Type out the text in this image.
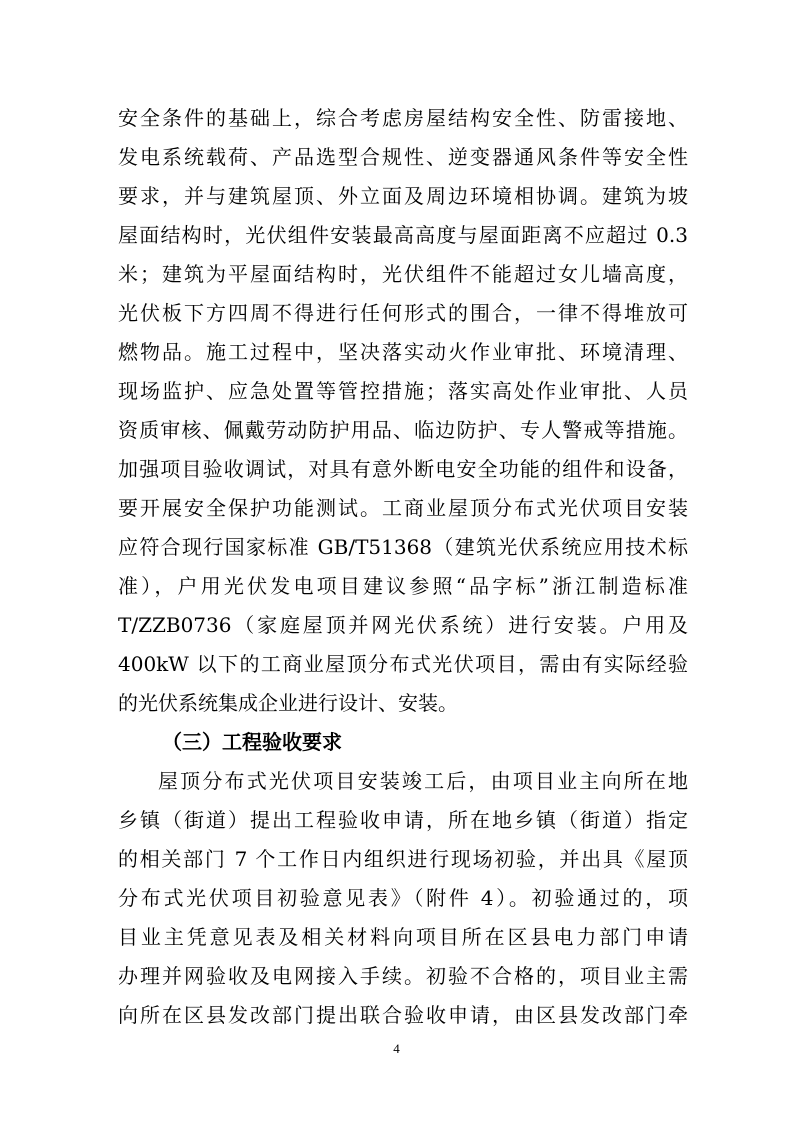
安全条件的基础上，综合考虑房屋结构安全性、防雷接地、
发电系统载荷、产品选型合规性、逆变器通风条件等安全性
要求，并与建筑屋顶、外立面及周边环境相协调。建筑为坡
屋面结构时，光伏组件安装最高高度与屋面距离不应超过 0.3
米；建筑为平屋面结构时，光伏组件不能超过女儿墙高度，
光伏板下方四周不得进行任何形式的围合，一律不得堆放可
燃物品。施工过程中，坚决落实动火作业审批、环境清理、
现场监护、应急处置等管控措施；落实高处作业审批、人员
资质审核、佩戴劳动防护用品、临边防护、专人警戒等措施。
加强项目验收调试，对具有意外断电安全功能的组件和设备，
要开展安全保护功能测试。工商业屋顶分布式光伏项目安装
应符合现行国家标准 GB/T51368（建筑光伏系统应用技术标
准），户用光伏发电项目建议参照“品字标”浙江制造标准
T/ZZB0736（家庭屋顶并网光伏系统）进行安装。户用及
400kW 以下的工商业屋顶分布式光伏项目，需由有实际经验
的光伏系统集成企业进行设计、安装。
（三）工程验收要求
屋顶分布式光伏项目安装竣工后，由项目业主向所在地
乡镇（街道）提出工程验收申请，所在地乡镇（街道）指定
的相关部门 7 个工作日内组织进行现场初验，并出具《屋顶
分布式光伏项目初验意见表》（附件 4）。初验通过的，项
目业主凭意见表及相关材料向项目所在区县电力部门申请
办理并网验收及电网接入手续。初验不合格的，项目业主需
4
向所在区县发改部门提出联合验收申请，由区县发改部门牵
